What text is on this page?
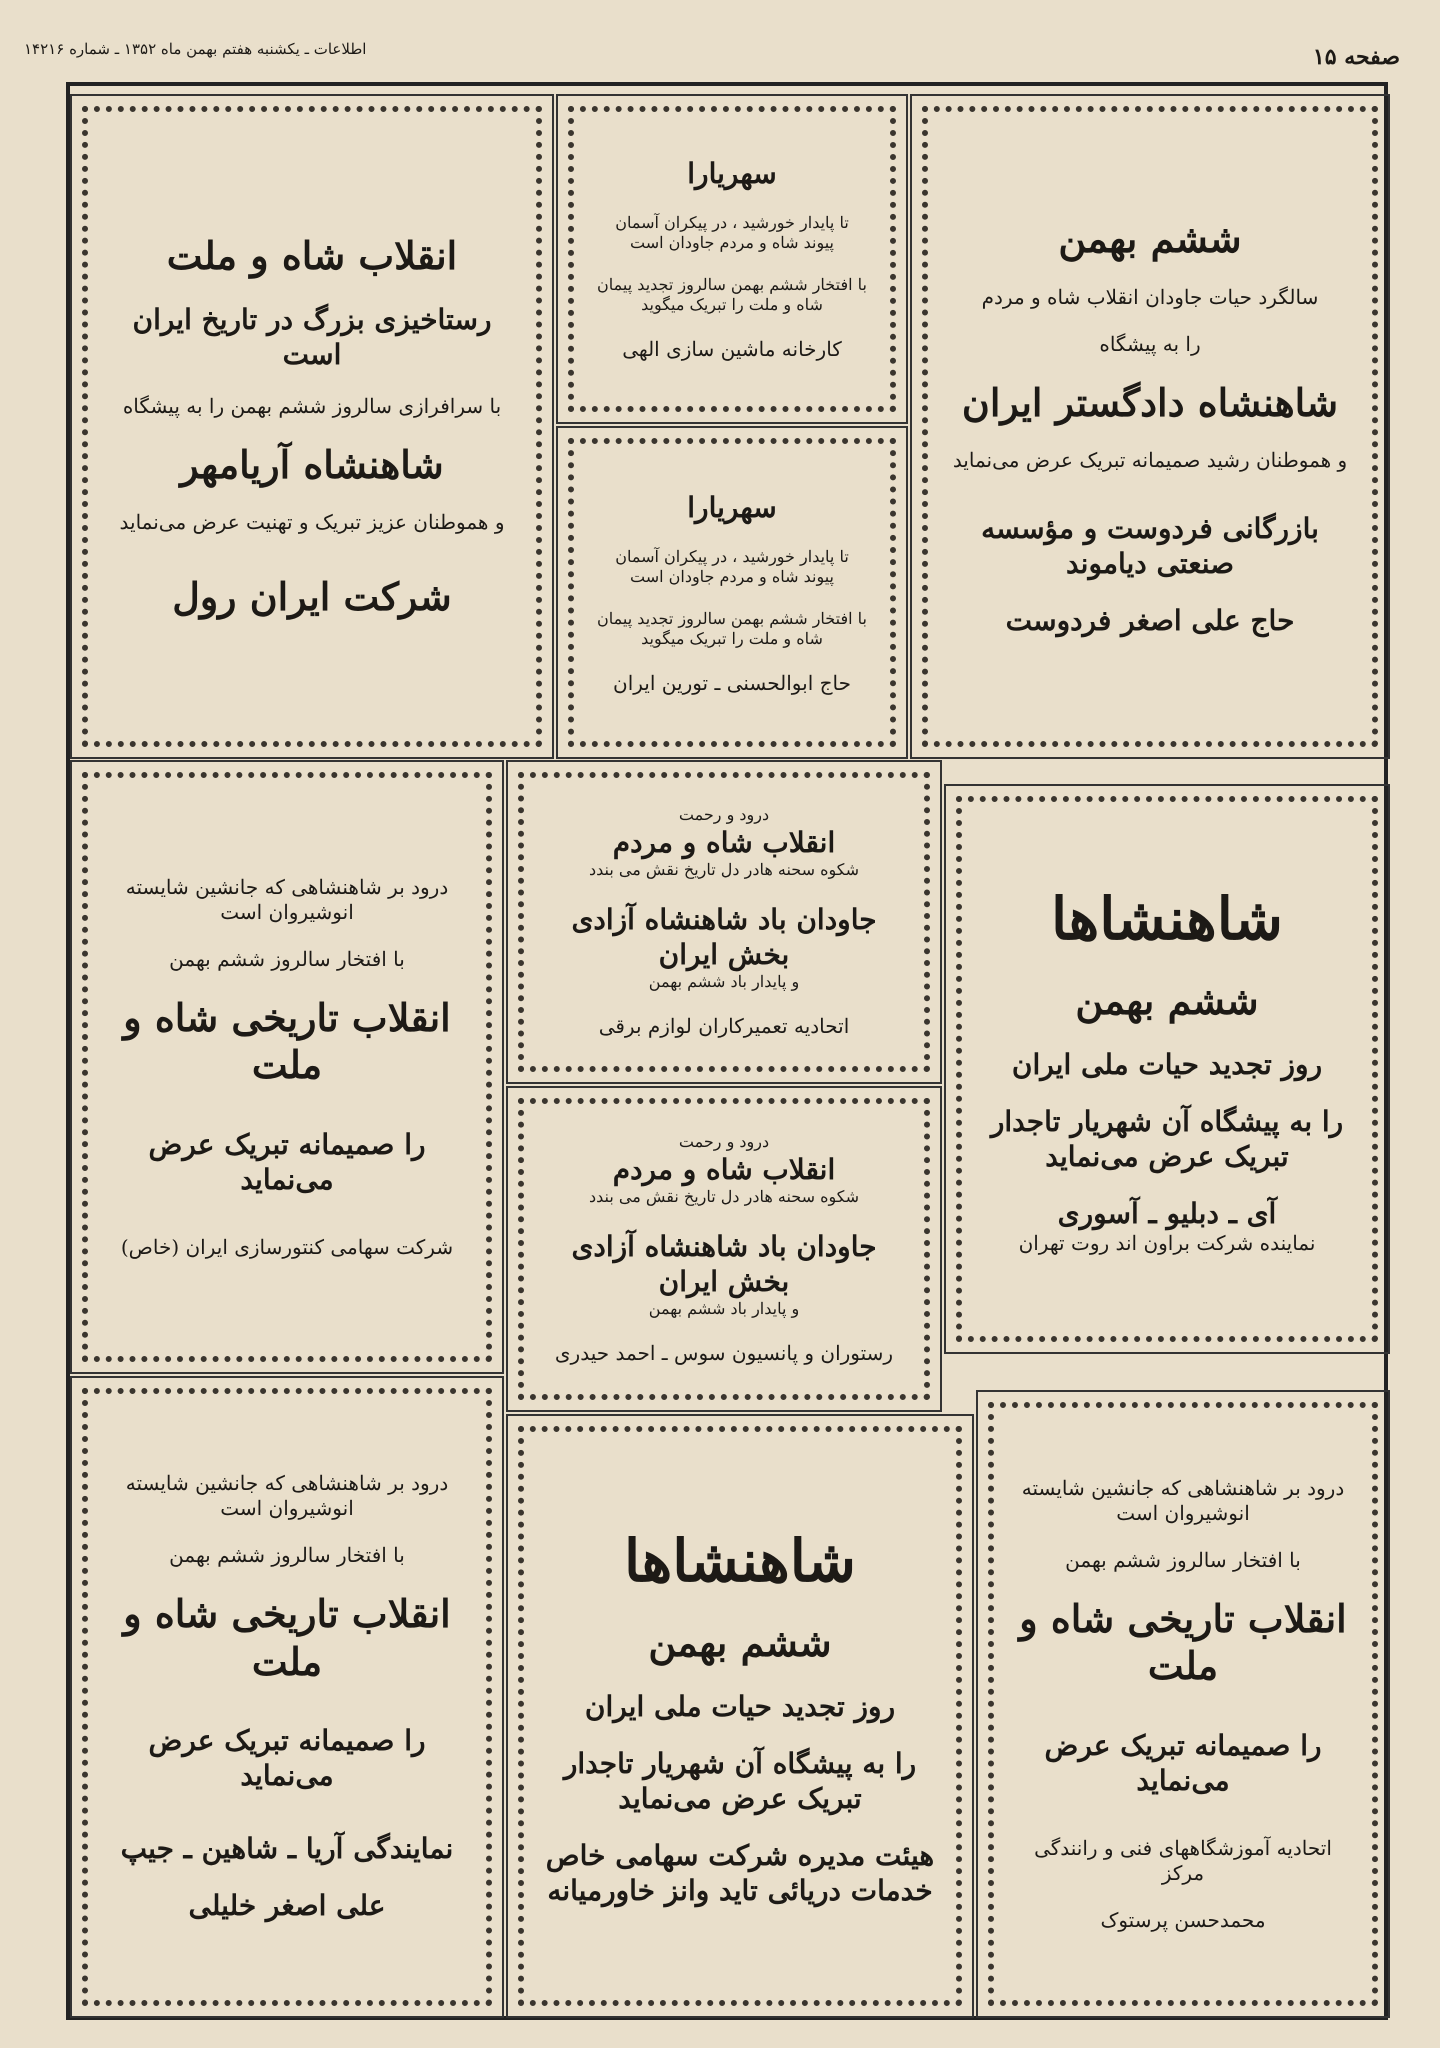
صفحه ۱۵
اطلاعات ـ یکشنبه هفتم بهمن ماه ۱۳۵۲ ـ شماره ۱۴۲۱۶
ششم بهمن
سالگرد حیات جاودان انقلاب شاه و مردم
را به پیشگاه
شاهنشاه دادگستر ایران
و هموطنان رشید صمیمانه تبریک عرض می‌نماید
بازرگانی فردوست و مؤسسه صنعتی دیاموند
حاج علی اصغر فردوست
سهریارا
تا پایدار خورشید ، در پیکران آسمان
پیوند شاه و مردم جاودان است
با افتخار ششم بهمن سالروز تجدید پیمان شاه و ملت را تبریک میگوید
کارخانه ماشین سازی الهی
سهریارا
تا پایدار خورشید ، در پیکران آسمان
پیوند شاه و مردم جاودان است
با افتخار ششم بهمن سالروز تجدید پیمان شاه و ملت را تبریک میگوید
حاج ابوالحسنی ـ تورین ایران
انقلاب شاه و ملت
رستاخیزی بزرگ در تاریخ ایران است
با سرافرازی سالروز ششم بهمن را به پیشگاه
شاهنشاه آریامهر
و هموطنان عزیز تبریک و تهنیت عرض می‌نماید
شرکت ایران رول
شاهنشاها
ششم بهمن
روز تجدید حیات ملی ایران
را به پیشگاه آن شهریار تاجدار تبریک عرض می‌نماید
آی ـ دبلیو ـ آسوری
نماینده شرکت براون اند روت تهران
درود و رحمت
انقلاب شاه و مردم
شکوه سحنه هادر دل تاریخ نقش می بندد
جاودان باد شاهنشاه آزادی بخش ایران
و پایدار باد ششم بهمن
اتحادیه تعمیرکاران لوازم برقی
درود و رحمت
انقلاب شاه و مردم
شکوه سحنه هادر دل تاریخ نقش می بندد
جاودان باد شاهنشاه آزادی بخش ایران
و پایدار باد ششم بهمن
رستوران و پانسیون سوس ـ احمد حیدری
درود بر شاهنشاهی که جانشین شایسته انوشیروان است
با افتخار سالروز ششم بهمن
انقلاب تاریخی شاه و ملت
را صمیمانه تبریک عرض می‌نماید
شرکت سهامی کنتورسازی ایران (خاص)
درود بر شاهنشاهی که جانشین شایسته انوشیروان است
با افتخار سالروز ششم بهمن
انقلاب تاریخی شاه و ملت
را صمیمانه تبریک عرض می‌نماید
اتحادیه آموزشگاههای فنی و رانندگی مرکز
محمدحسن پرستوک
شاهنشاها
ششم بهمن
روز تجدید حیات ملی ایران
را به پیشگاه آن شهریار تاجدار تبریک عرض می‌نماید
هیئت مدیره شرکت سهامی خاص
خدمات دریائی تاید وانز خاورمیانه
درود بر شاهنشاهی که جانشین شایسته انوشیروان است
با افتخار سالروز ششم بهمن
انقلاب تاریخی شاه و ملت
را صمیمانه تبریک عرض می‌نماید
نمایندگی آریا ـ شاهین ـ جیپ
علی اصغر خلیلی
